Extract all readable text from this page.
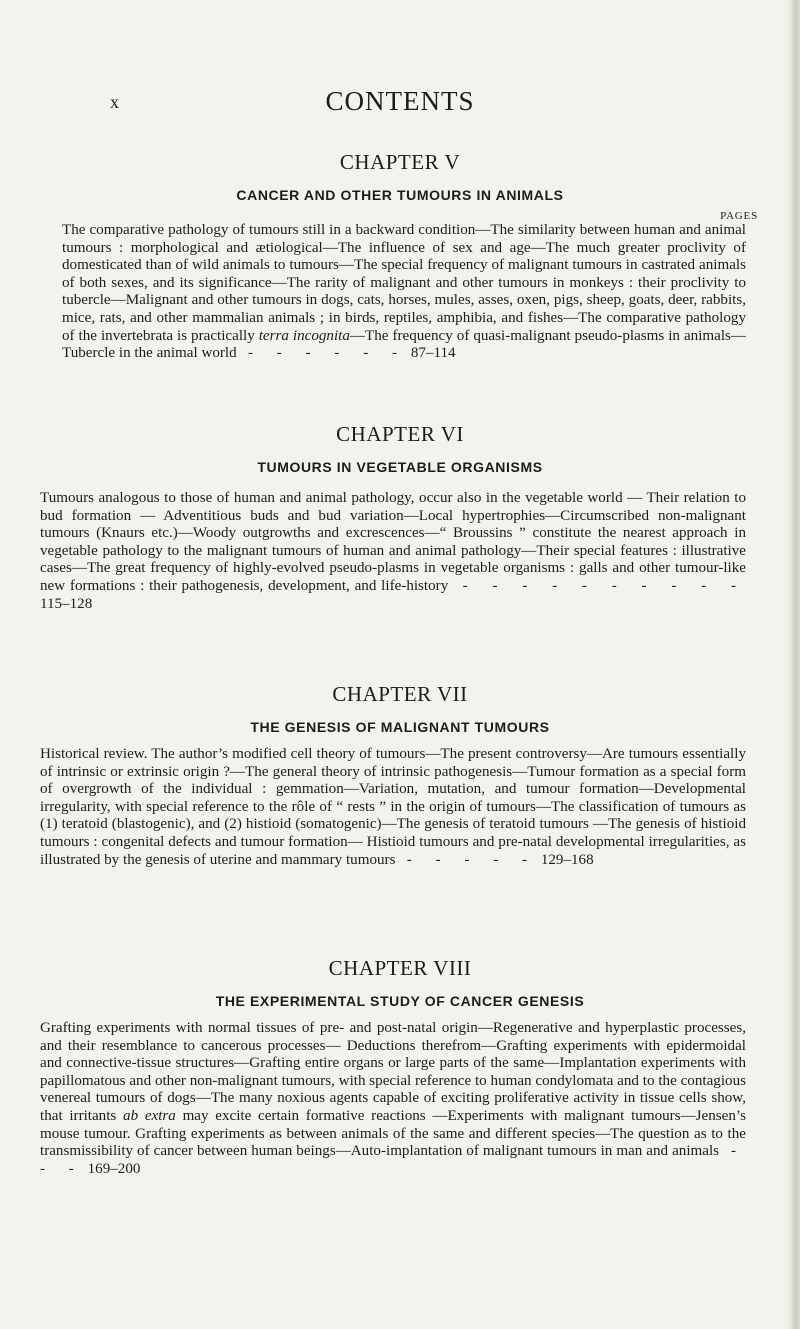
x	CONTENTS

CHAPTER V

CANCER AND OTHER TUMOURS IN ANIMALS

PAGES
The comparative pathology of tumours still in a backward condition—The similarity between human and animal tumours : morphological and ætiological—The influence of sex and age—The much greater proclivity of domesticated than of wild animals to tumours—The special frequency of malignant tumours in castrated animals of both sexes, and its significance—The rarity of malignant and other tumours in monkeys : their proclivity to tubercle—Malignant and other tumours in dogs, cats, horses, mules, asses, oxen, pigs, sheep, goats, deer, rabbits, mice, rats, and other mammalian animals ; in birds, reptiles, amphibia, and fishes—The comparative pathology of the invertebrata is practically terra incognita—The frequency of quasi-malignant pseudo-plasms in animals—Tubercle in the animal world - - - - - - 87–114

CHAPTER VI

TUMOURS IN VEGETABLE ORGANISMS

Tumours analogous to those of human and animal pathology, occur also in the vegetable world — Their relation to bud formation — Adventitious buds and bud variation—Local hypertrophies—Circumscribed non-malignant tumours (Knaurs etc.)—Woody outgrowths and excrescences—“ Broussins ” constitute the nearest approach in vegetable pathology to the malignant tumours of human and animal pathology—Their special features : illustrative cases—The great frequency of highly-evolved pseudo-plasms in vegetable organisms : galls and other tumour-like new formations : their pathogenesis, development, and life-history - - - - - - - - - - 115–128

CHAPTER VII

THE GENESIS OF MALIGNANT TUMOURS

Historical review. The author’s modified cell theory of tumours—The present controversy—Are tumours essentially of intrinsic or extrinsic origin ?—The general theory of intrinsic pathogenesis—Tumour formation as a special form of overgrowth of the individual : gemmation—Variation, mutation, and tumour formation—Developmental irregularity, with special reference to the rôle of “ rests ” in the origin of tumours—The classification of tumours as (1) teratoid (blastogenic), and (2) histioid (somatogenic)—The genesis of teratoid tumours —The genesis of histioid tumours : congenital defects and tumour formation— Histioid tumours and pre-natal developmental irregularities, as illustrated by the genesis of uterine and mammary tumours - - - - - 129–168

CHAPTER VIII

THE EXPERIMENTAL STUDY OF CANCER GENESIS

Grafting experiments with normal tissues of pre- and post-natal origin—Regenerative and hyperplastic processes, and their resemblance to cancerous processes— Deductions therefrom—Grafting experiments with epidermoidal and connective-tissue structures—Grafting entire organs or large parts of the same—Implantation experiments with papillomatous and other non-malignant tumours, with special reference to human condylomata and to the contagious venereal tumours of dogs—The many noxious agents capable of exciting proliferative activity in tissue cells show, that irritants ab extra may excite certain formative reactions —Experiments with malignant tumours—Jensen’s mouse tumour. Grafting experiments as between animals of the same and different species—The question as to the transmissibility of cancer between human beings—Auto-implantation of malignant tumours in man and animals - - - 169–200
